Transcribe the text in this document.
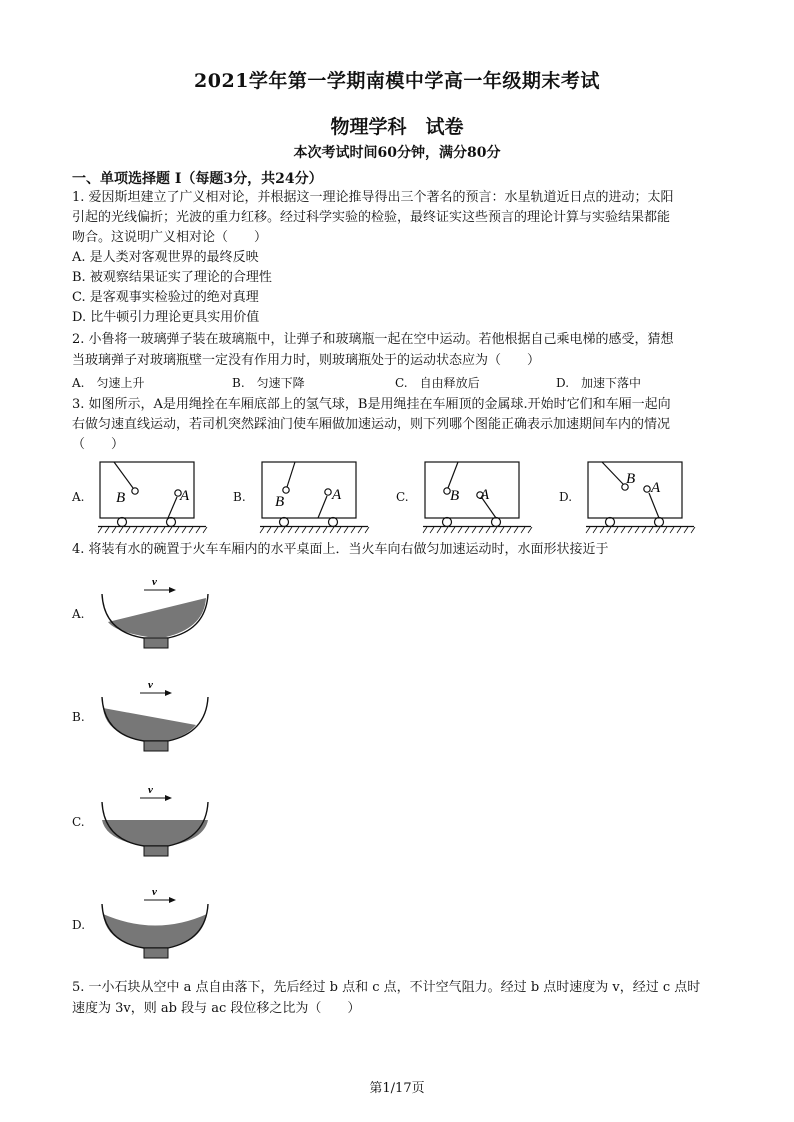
2021学年第一学期南模中学高一年级期末考试
物理学科　试卷
本次考试时间60分钟，满分80分
一、单项选择题 I（每题3分，共24分）
1. 爱因斯坦建立了广义相对论，并根据这一理论推导得出三个著名的预言：水星轨道近日点的进动；太阳
引起的光线偏折；光波的重力红移。经过科学实验的检验，最终证实这些预言的理论计算与实验结果都能
吻合。这说明广义相对论（　　）
A. 是人类对客观世界的最终反映
B. 被观察结果证实了理论的合理性
C. 是客观事实检验过的绝对真理
D. 比牛顿引力理论更具实用价值
2. 小鲁将一玻璃弹子装在玻璃瓶中，让弹子和玻璃瓶一起在空中运动。若他根据自己乘电梯的感受，猜想
当玻璃弹子对玻璃瓶壁一定没有作用力时，则玻璃瓶处于的运动状态应为（　　）
A.　匀速上升	B.　匀速下降	C.　自由释放后	D.　加速下落中
3. 如图所示，A是用绳拴在车厢底部上的氢气球，B是用绳挂在车厢顶的金属球.开始时它们和车厢一起向
右做匀速直线运动，若司机突然踩油门使车厢做加速运动，则下列哪个图能正确表示加速期间车内的情况
（　　）
A. B	A	B. B	A	C.	B A	D.
B
A
4. 将装有水的碗置于火车车厢内的水平桌面上．当火车向右做匀加速运动时，水面形状接近于
A.
v
B.
v
C.
v
D.
v
5. 一小石块从空中 a 点自由落下，先后经过 b 点和 c 点，不计空气阻力。经过 b 点时速度为 v，经过 c 点时
速度为 3v，则 ab 段与 ac 段位移之比为（　　）
第1/17页
